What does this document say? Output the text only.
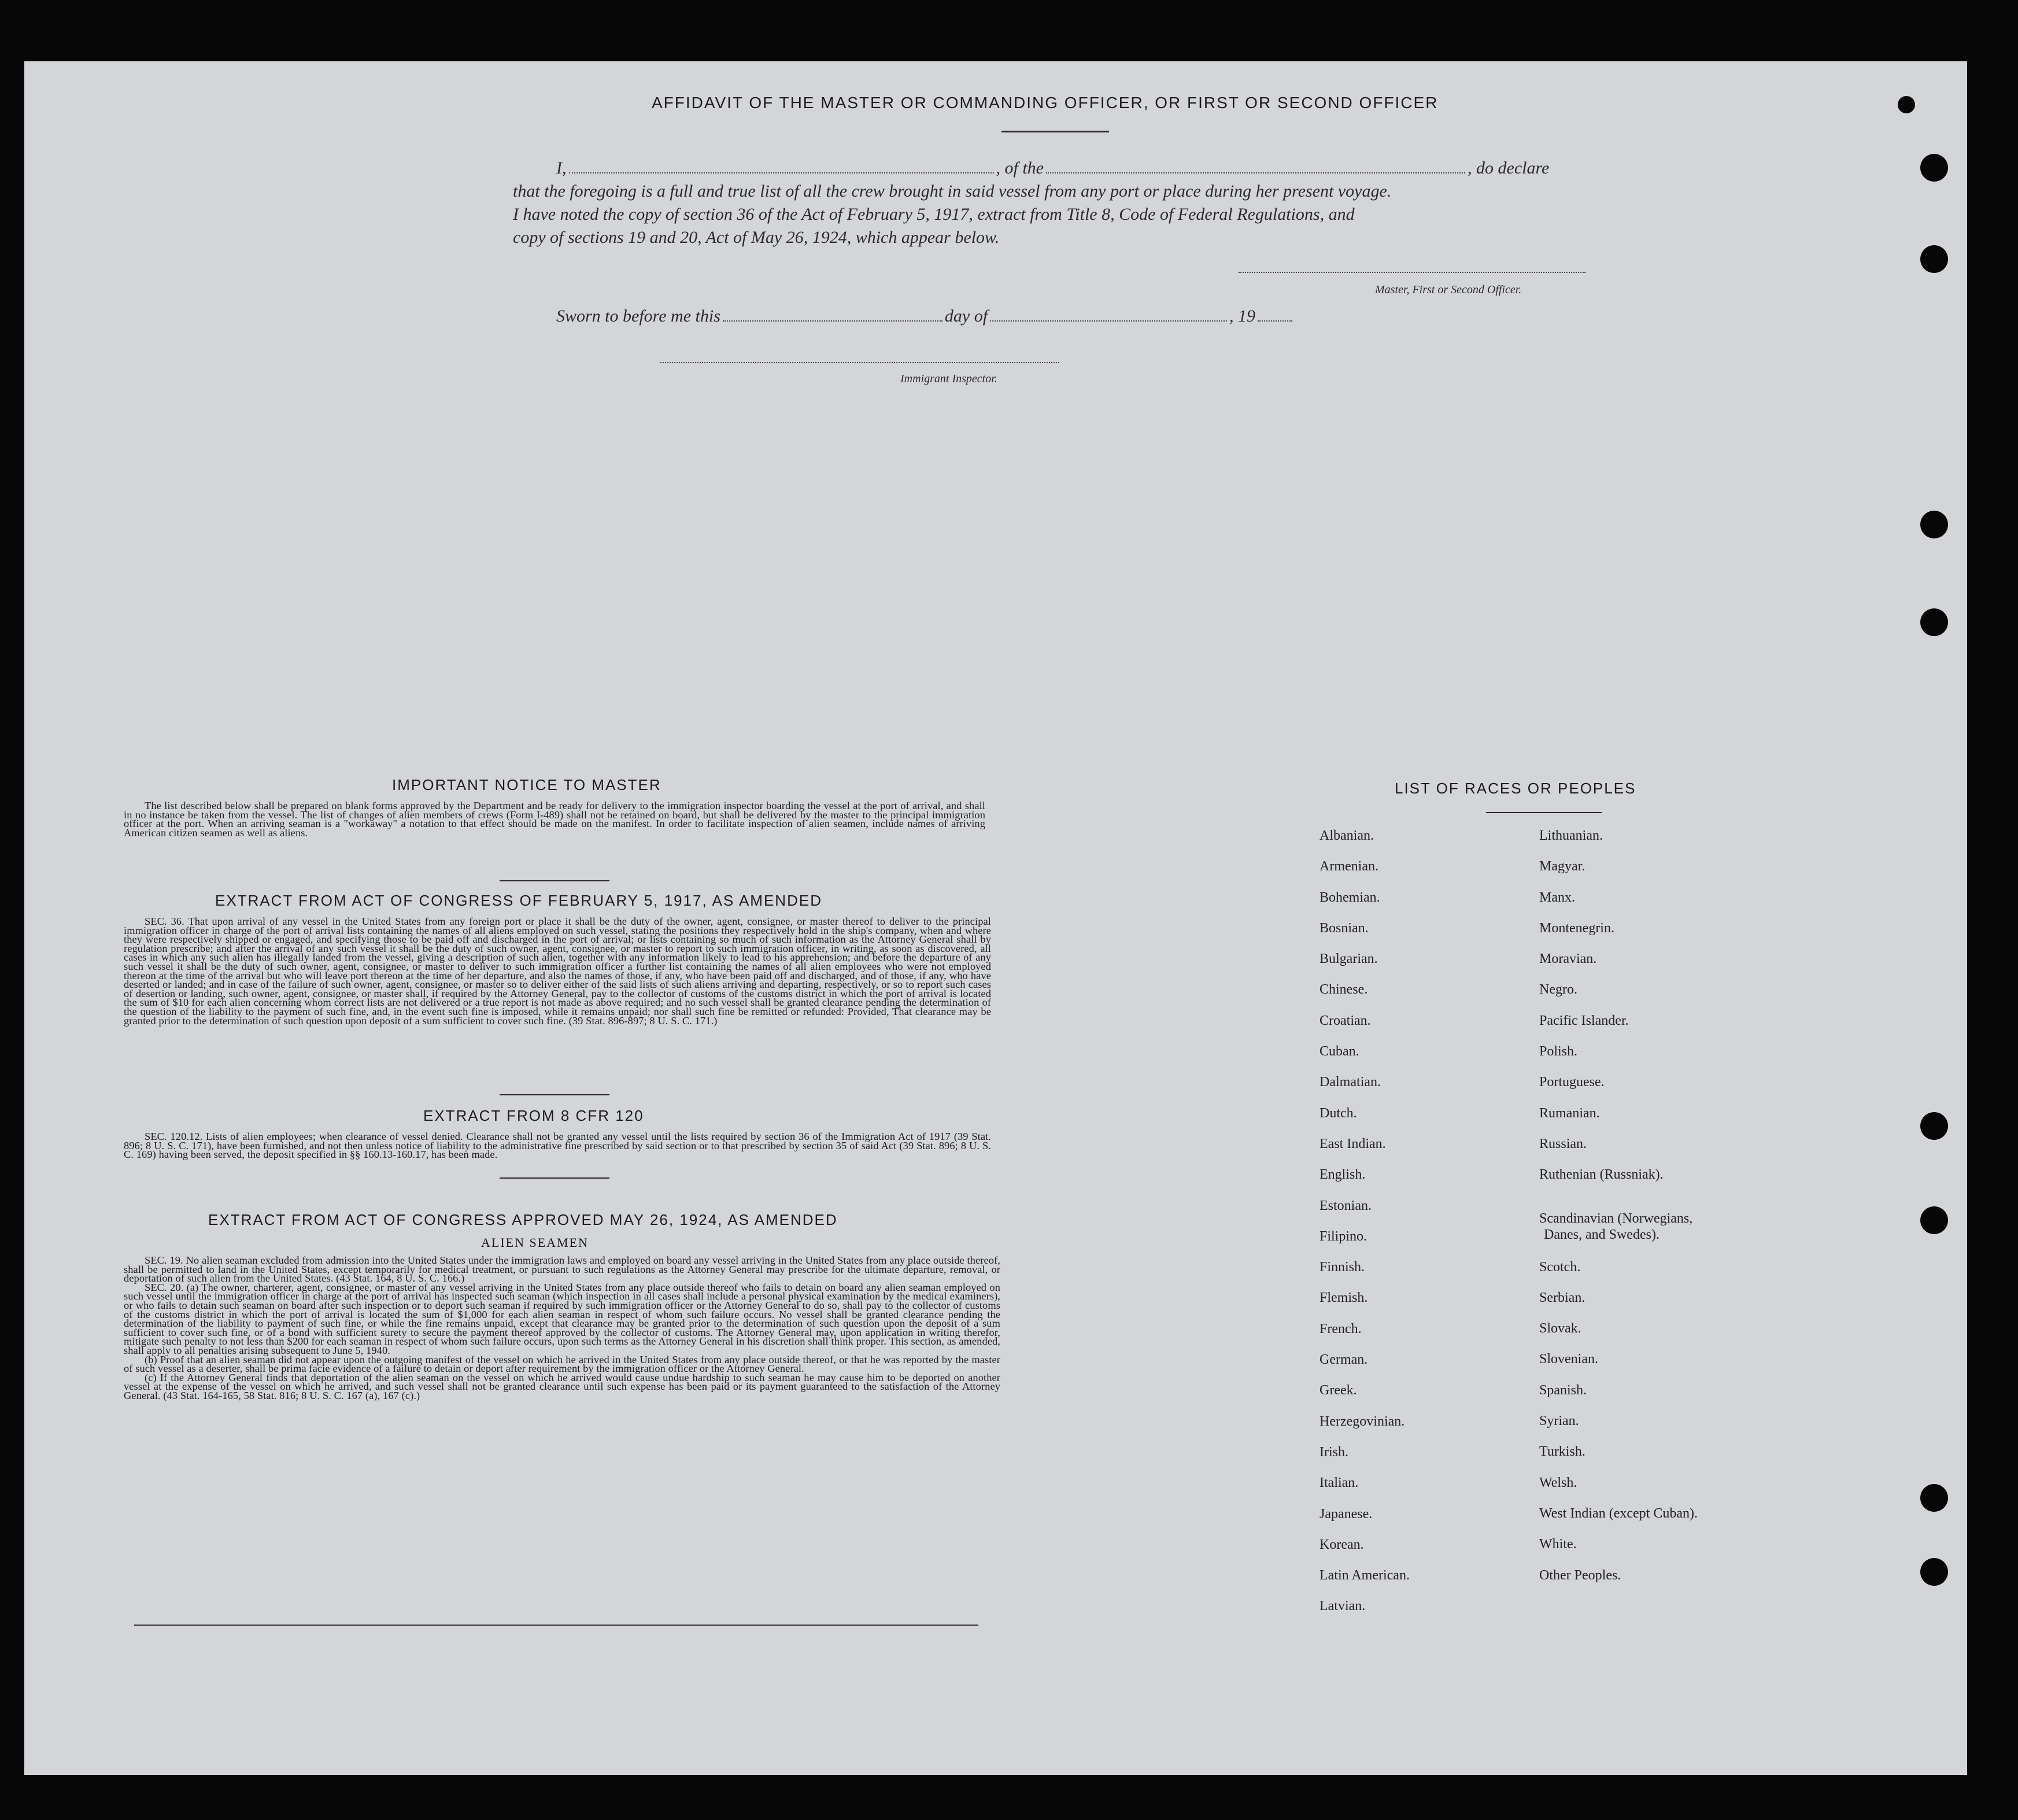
AFFIDAVIT OF THE MASTER OR COMMANDING OFFICER, OR FIRST OR SECOND OFFICER
I,	, of the	, do declare
that the foregoing is a full and true list of all the crew brought in said vessel from any port or place during her present voyage.
I have noted the copy of section 36 of the Act of February 5, 1917, extract from Title 8, Code of Federal Regulations, and
copy of sections 19 and 20, Act of May 26, 1924, which appear below.
Master, First or Second Officer.
Sworn to before me this	day of	, 19
Immigrant Inspector.
IMPORTANT NOTICE TO MASTER

The list described below shall be prepared on blank forms approved by the Department and be ready for delivery to the immigration inspector boarding the vessel at the port of arrival, and shall in no instance be taken from the vessel. The list of changes of alien members of crews (Form I-489) shall not be retained on board, but shall be delivered by the master to the principal immigration officer at the port. When an arriving seaman is a "workaway" a notation to that effect should be made on the manifest. In order to facilitate inspection of alien seamen, include names of arriving American citizen seamen as well as aliens.

EXTRACT FROM ACT OF CONGRESS OF FEBRUARY 5, 1917, AS AMENDED

SEC. 36. That upon arrival of any vessel in the United States from any foreign port or place it shall be the duty of the owner, agent, consignee, or master thereof to deliver to the principal immigration officer in charge of the port of arrival lists containing the names of all aliens employed on such vessel, stating the positions they respectively hold in the ship's company, when and where they were respectively shipped or engaged, and specifying those to be paid off and discharged in the port of arrival; or lists containing so much of such information as the Attorney General shall by regulation prescribe; and after the arrival of any such vessel it shall be the duty of such owner, agent, consignee, or master to report to such immigration officer, in writing, as soon as discovered, all cases in which any such alien has illegally landed from the vessel, giving a description of such alien, together with any information likely to lead to his apprehension; and before the departure of any such vessel it shall be the duty of such owner, agent, consignee, or master to deliver to such immigration officer a further list containing the names of all alien employees who were not employed thereon at the time of the arrival but who will leave port thereon at the time of her departure, and also the names of those, if any, who have been paid off and discharged, and of those, if any, who have deserted or landed; and in case of the failure of such owner, agent, consignee, or master so to deliver either of the said lists of such aliens arriving and departing, respectively, or so to report such cases of desertion or landing, such owner, agent, consignee, or master shall, if required by the Attorney General, pay to the collector of customs of the customs district in which the port of arrival is located the sum of $10 for each alien concerning whom correct lists are not delivered or a true report is not made as above required; and no such vessel shall be granted clearance pending the determination of the question of the liability to the payment of such fine, and, in the event such fine is imposed, while it remains unpaid; nor shall such fine be remitted or refunded: Provided, That clearance may be granted prior to the determination of such question upon deposit of a sum sufficient to cover such fine. (39 Stat. 896-897; 8 U. S. C. 171.)

EXTRACT FROM 8 CFR 120

SEC. 120.12. Lists of alien employees; when clearance of vessel denied. Clearance shall not be granted any vessel until the lists required by section 36 of the Immigration Act of 1917 (39 Stat. 896; 8 U. S. C. 171), have been furnished, and not then unless notice of liability to the administrative fine prescribed by said section or to that prescribed by section 35 of said Act (39 Stat. 896; 8 U. S. C. 169) having been served, the deposit specified in §§ 160.13-160.17, has been made.

EXTRACT FROM ACT OF CONGRESS APPROVED MAY 26, 1924, AS AMENDED
ALIEN SEAMEN

SEC. 19. No alien seaman excluded from admission into the United States under the immigration laws and employed on board any vessel arriving in the United States from any place outside thereof, shall be permitted to land in the United States, except temporarily for medical treatment, or pursuant to such regulations as the Attorney General may prescribe for the ultimate departure, removal, or deportation of such alien from the United States. (43 Stat. 164, 8 U. S. C. 166.)

SEC. 20. (a) The owner, charterer, agent, consignee, or master of any vessel arriving in the United States from any place outside thereof who fails to detain on board any alien seaman employed on such vessel until the immigration officer in charge at the port of arrival has inspected such seaman (which inspection in all cases shall include a personal physical examination by the medical examiners), or who fails to detain such seaman on board after such inspection or to deport such seaman if required by such immigration officer or the Attorney General to do so, shall pay to the collector of customs of the customs district in which the port of arrival is located the sum of $1,000 for each alien seaman in respect of whom such failure occurs. No vessel shall be granted clearance pending the determination of the liability to payment of such fine, or while the fine remains unpaid, except that clearance may be granted prior to the determination of such question upon the deposit of a sum sufficient to cover such fine, or of a bond with sufficient surety to secure the payment thereof approved by the collector of customs. The Attorney General may, upon application in writing therefor, mitigate such penalty to not less than $200 for each seaman in respect of whom such failure occurs, upon such terms as the Attorney General in his discretion shall think proper. This section, as amended, shall apply to all penalties arising subsequent to June 5, 1940.

(b) Proof that an alien seaman did not appear upon the outgoing manifest of the vessel on which he arrived in the United States from any place outside thereof, or that he was reported by the master of such vessel as a deserter, shall be prima facie evidence of a failure to detain or deport after requirement by the immigration officer or the Attorney General.

(c) If the Attorney General finds that deportation of the alien seaman on the vessel on which he arrived would cause undue hardship to such seaman he may cause him to be deported on another vessel at the expense of the vessel on which he arrived, and such vessel shall not be granted clearance until such expense has been paid or its payment guaranteed to the satisfaction of the Attorney General. (43 Stat. 164-165, 58 Stat. 816; 8 U. S. C. 167 (a), 167 (c).)

LIST OF RACES OR PEOPLES
Albanian.
Armenian.
Bohemian.
Bosnian.
Bulgarian.
Chinese.
Croatian.
Cuban.
Dalmatian.
Dutch.
East Indian.
English.
Estonian.
Filipino.
Finnish.
Flemish.
French.
German.
Greek.
Herzegovinian.
Irish.
Italian.
Japanese.
Korean.
Latin American.
Latvian.
Lithuanian.
Magyar.
Manx.
Montenegrin.
Moravian.
Negro.
Pacific Islander.
Polish.
Portuguese.
Rumanian.
Russian.
Ruthenian (Russniak).
Scandinavian (Norwegians,
Danes, and Swedes).
Scotch.
Serbian.
Slovak.
Slovenian.
Spanish.
Syrian.
Turkish.
Welsh.
West Indian (except Cuban).
White.
Other Peoples.
